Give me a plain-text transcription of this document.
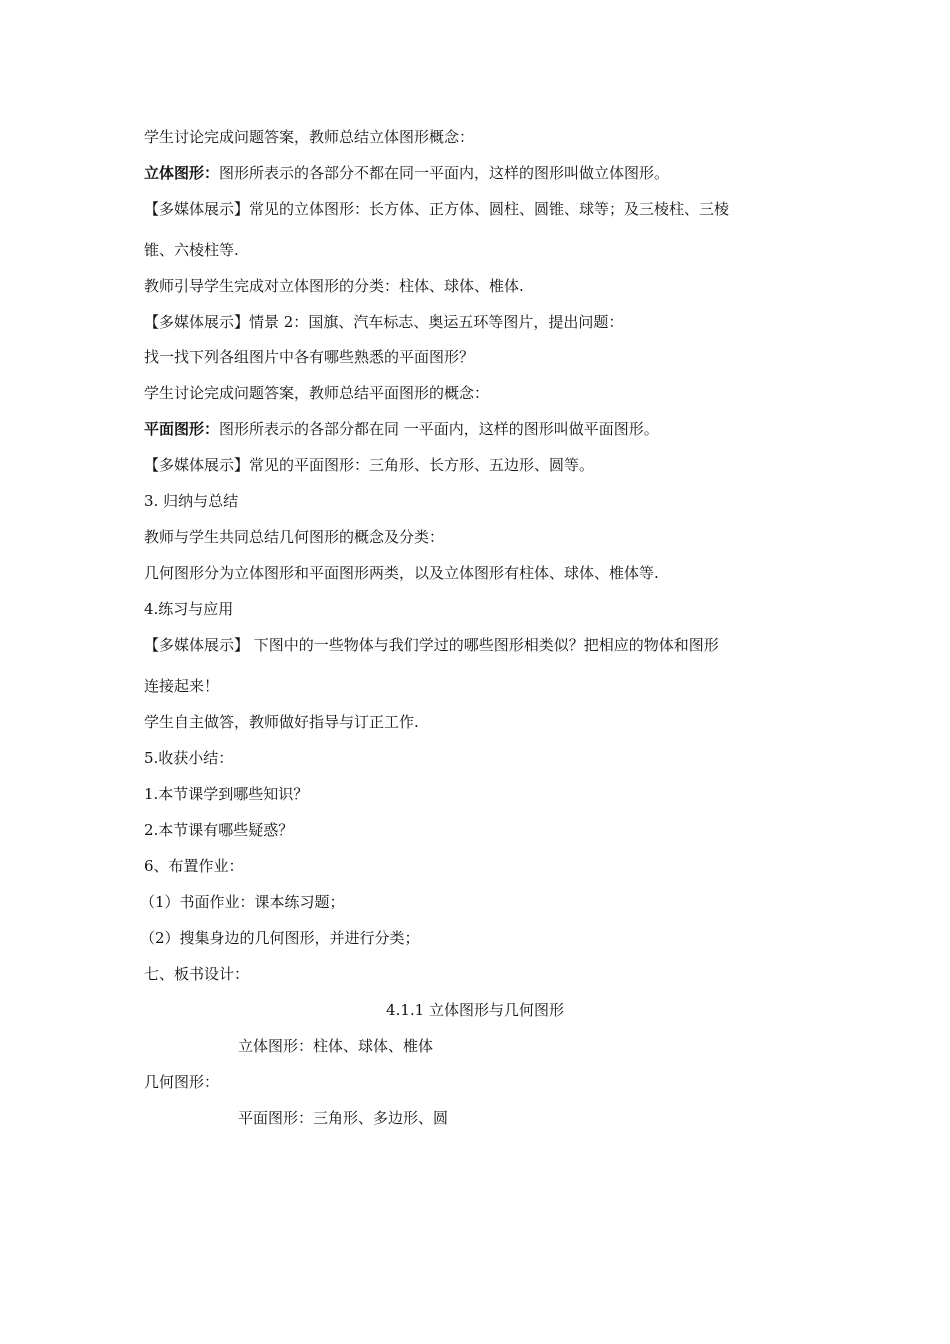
学生讨论完成问题答案，教师总结立体图形概念：
立体图形：图形所表示的各部分不都在同一平面内，这样的图形叫做立体图形。
【多媒体展示】常见的立体图形：长方体、正方体、圆柱、圆锥、球等；及三棱柱、三棱
锥、六棱柱等.
教师引导学生完成对立体图形的分类：柱体、球体、椎体.
【多媒体展示】情景 2：国旗、汽车标志、奥运五环等图片，提出问题：
找一找下列各组图片中各有哪些熟悉的平面图形？
学生讨论完成问题答案，教师总结平面图形的概念：
平面图形：图形所表示的各部分都在同 一平面内，这样的图形叫做平面图形。
【多媒体展示】常见的平面图形：三角形、长方形、五边形、圆等。
3. 归纳与总结
教师与学生共同总结几何图形的概念及分类：
几何图形分为立体图形和平面图形两类，以及立体图形有柱体、球体、椎体等.
4.练习与应用
【多媒体展示】 下图中的一些物体与我们学过的哪些图形相类似？把相应的物体和图形
连接起来！
学生自主做答，教师做好指导与订正工作.
5.收获小结：
1.本节课学到哪些知识？
2.本节课有哪些疑惑？
6、布置作业：
（1）书面作业：课本练习题；
（2）搜集身边的几何图形，并进行分类；
七、板书设计：
4.1.1 立体图形与几何图形
立体图形：柱体、球体、椎体
几何图形：
平面图形：三角形、多边形、圆
